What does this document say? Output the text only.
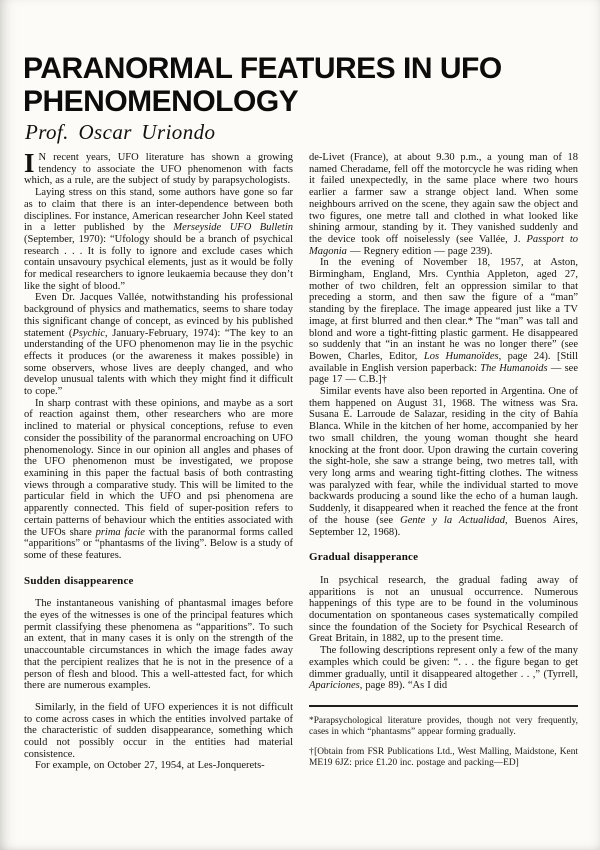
PARANORMAL FEATURES IN UFO
PHENOMENOLOGY
Prof. Oscar Uriondo

I N recent years, UFO literature has shown a growing tendency to associate the UFO phenomenon with facts which, as a rule, are the subject of study by parapsychologists.

Laying stress on this stand, some authors have gone so far as to claim that there is an inter-dependence between both disciplines. For instance, American researcher John Keel stated in a letter published by the Merseyside UFO Bulletin (September, 1970): “Ufology should be a branch of psychical research . . . It is folly to ignore and exclude cases which contain unsavoury psychical elements, just as it would be folly for medical researchers to ignore leukaemia because they don’t like the sight of blood.”

Even Dr. Jacques Vallée, notwithstanding his professional background of physics and mathematics, seems to share today this significant change of concept, as evinced by his published statement (Psychic, January-February, 1974): “The key to an understanding of the UFO phenomenon may lie in the psychic effects it produces (or the awareness it makes possible) in some observers, whose lives are deeply changed, and who develop unusual talents with which they might find it difficult to cope.”

In sharp contrast with these opinions, and maybe as a sort of reaction against them, other researchers who are more inclined to material or physical conceptions, refuse to even consider the possibility of the paranormal encroaching on UFO phenomenology. Since in our opinion all angles and phases of the UFO phenomenon must be investigated, we propose examining in this paper the factual basis of both contrasting views through a comparative study. This will be limited to the particular field in which the UFO and psi phenomena are apparently connected. This field of super-position refers to certain patterns of behaviour which the entities associated with the UFOs share prima facie with the paranormal forms called “apparitions” or “phantasms of the living”. Below is a study of some of these features.

Sudden disappearence

The instantaneous vanishing of phantasmal images before the eyes of the witnesses is one of the principal features which permit classifying these phenomena as “apparitions”. To such an extent, that in many cases it is only on the strength of the unaccountable circumstances in which the image fades away that the percipient realizes that he is not in the presence of a person of flesh and blood. This a well-attested fact, for which there are numerous examples.

Similarly, in the field of UFO experiences it is not difficult to come across cases in which the entities involved partake of the characteristic of sudden disappearance, something which could not possibly occur in the entities had material consistence.

For example, on October 27, 1954, at Les-Jonquerets-

de-Livet (France), at about 9.30 p.m., a young man of 18 named Cheradame, fell off the motorcycle he was riding when it failed unexpectedly, in the same place where two hours earlier a farmer saw a strange object land. When some neighbours arrived on the scene, they again saw the object and two figures, one metre tall and clothed in what looked like shining armour, standing by it. They vanished suddenly and the device took off noiselessly (see Vallée, J. Passport to Magonia — Regnery edition — page 239).

In the evening of November 18, 1957, at Aston, Birmingham, England, Mrs. Cynthia Appleton, aged 27, mother of two children, felt an oppression similar to that preceding a storm, and then saw the figure of a “man” standing by the fireplace. The image appeared just like a TV image, at first blurred and then clear.* The “man” was tall and blond and wore a tight-fitting plastic garment. He disappeared so suddenly that “in an instant he was no longer there” (see Bowen, Charles, Editor, Los Humanoïdes, page 24). [Still available in English version paperback: The Humanoids — see page 17 — C.B.]†

Similar events have also been reported in Argentina. One of them happened on August 31, 1968. The witness was Sra. Susana E. Larroude de Salazar, residing in the city of Bahía Blanca. While in the kitchen of her home, accompanied by her two small children, the young woman thought she heard knocking at the front door. Upon drawing the curtain covering the sight-hole, she saw a strange being, two metres tall, with very long arms and wearing tight-fitting clothes. The witness was paralyzed with fear, while the individual started to move backwards producing a sound like the echo of a human laugh. Suddenly, it disappeared when it reached the fence at the front of the house (see Gente y la Actualidad, Buenos Aires, September 12, 1968).

Gradual disapperance

In psychical research, the gradual fading away of apparitions is not an unusual occurrence. Numerous happenings of this type are to be found in the voluminous documentation on spontaneous cases systematically compiled since the foundation of the Society for Psychical Research of Great Britain, in 1882, up to the present time.

The following descriptions represent only a few of the many examples which could be given: “. . . the figure began to get dimmer gradually, until it disappeared altogether . . ,” (Tyrrell, Apariciones, page 89). “As I did

*Parapsychological literature provides, though not very frequently, cases in which “phantasms” appear forming gradually.

†[Obtain from FSR Publications Ltd., West Malling, Maidstone, Kent ME19 6JZ: price £1.20 inc. postage and packing—ED]
